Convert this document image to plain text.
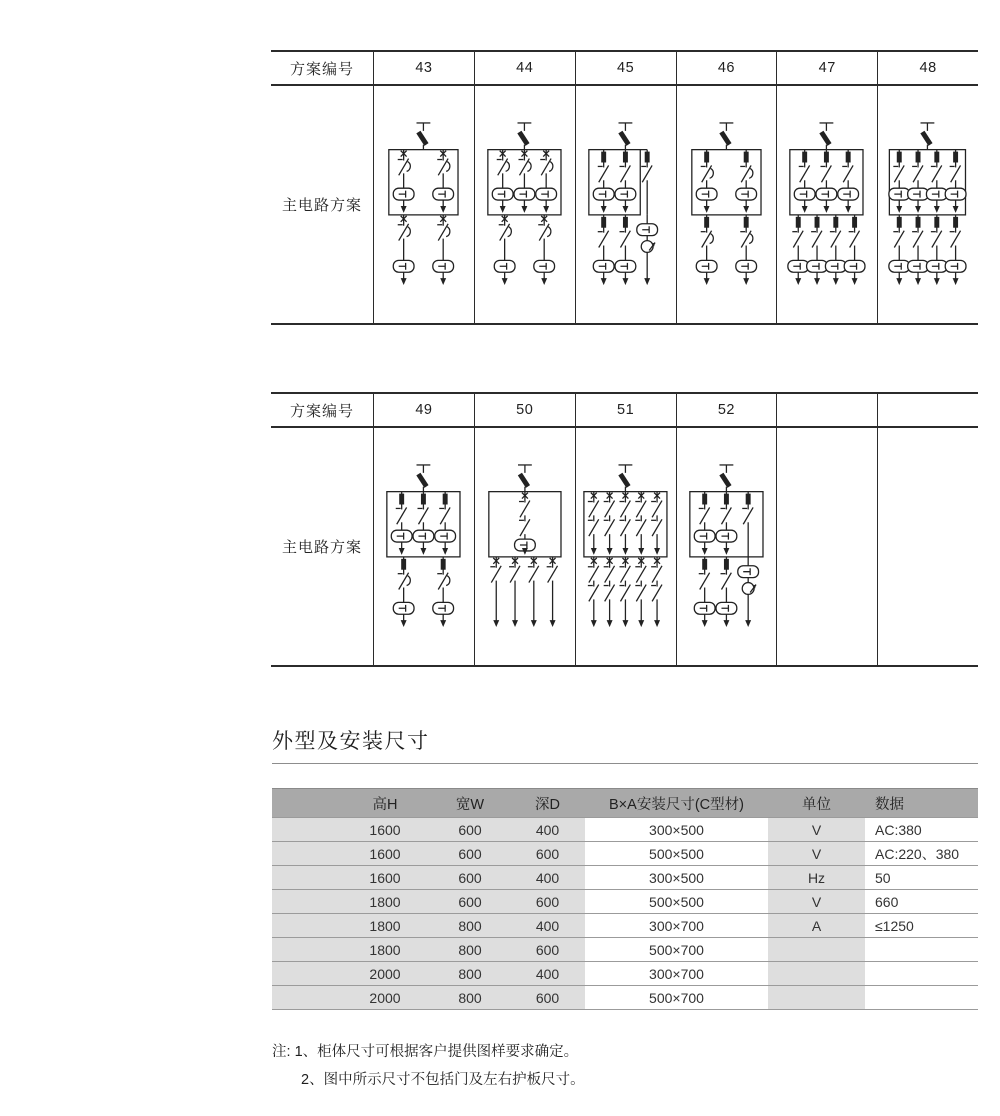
方案编号	43	44	45	46	47	48
主电路方案
方案编号	49	50	51	52
主电路方案
外型及安装尺寸
	高H	宽W	深D	B×A安装尺寸(C型材)	单位	数据
	1600	600	400	300×500	V	AC:380
	1600	600	600	500×500	V	AC:220、380
	1600	600	400	300×500	Hz	50
	1800	600	600	500×500	V	660
	1800	800	400	300×700	A	≤1250
	1800	800	600	500×700		
	2000	800	400	300×700		
	2000	800	600	500×700		
注: 1、柜体尺寸可根据客户提供图样要求确定。
2、图中所示尺寸不包括门及左右护板尺寸。
